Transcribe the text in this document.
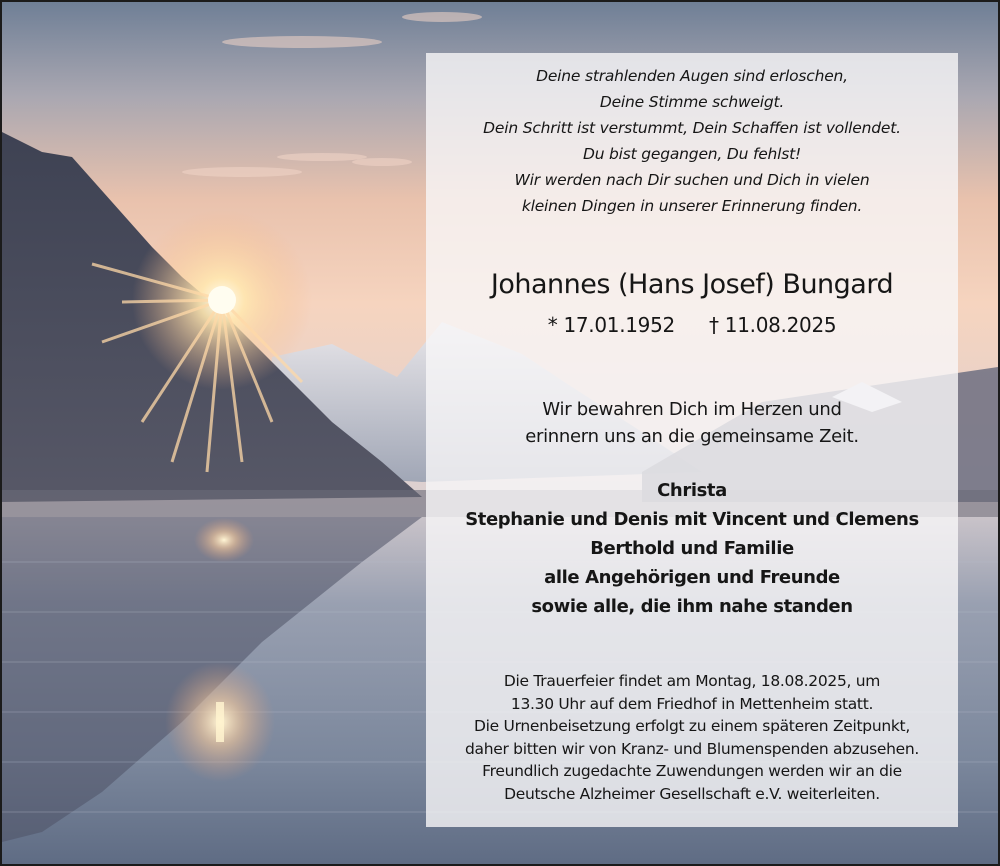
Deine strahlenden Augen sind erloschen,
Deine Stimme schweigt.
Dein Schritt ist verstummt, Dein Schaffen ist vollendet.
Du bist gegangen, Du fehlst!
Wir werden nach Dir suchen und Dich in vielen
kleinen Dingen in unserer Erinnerung finden.
Johannes (Hans Josef) Bungard
* 17.01.1952 † 11.08.2025
Wir bewahren Dich im Herzen und
erinnern uns an die gemeinsame Zeit.
Christa
Stephanie und Denis mit Vincent und Clemens
Berthold und Familie
alle Angehörigen und Freunde
sowie alle, die ihm nahe standen
Die Trauerfeier findet am Montag, 18.08.2025, um
13.30 Uhr auf dem Friedhof in Mettenheim statt.
Die Urnenbeisetzung erfolgt zu einem späteren Zeitpunkt,
daher bitten wir von Kranz- und Blumenspenden abzusehen.
Freundlich zugedachte Zuwendungen werden wir an die
Deutsche Alzheimer Gesellschaft e.V. weiterleiten.
